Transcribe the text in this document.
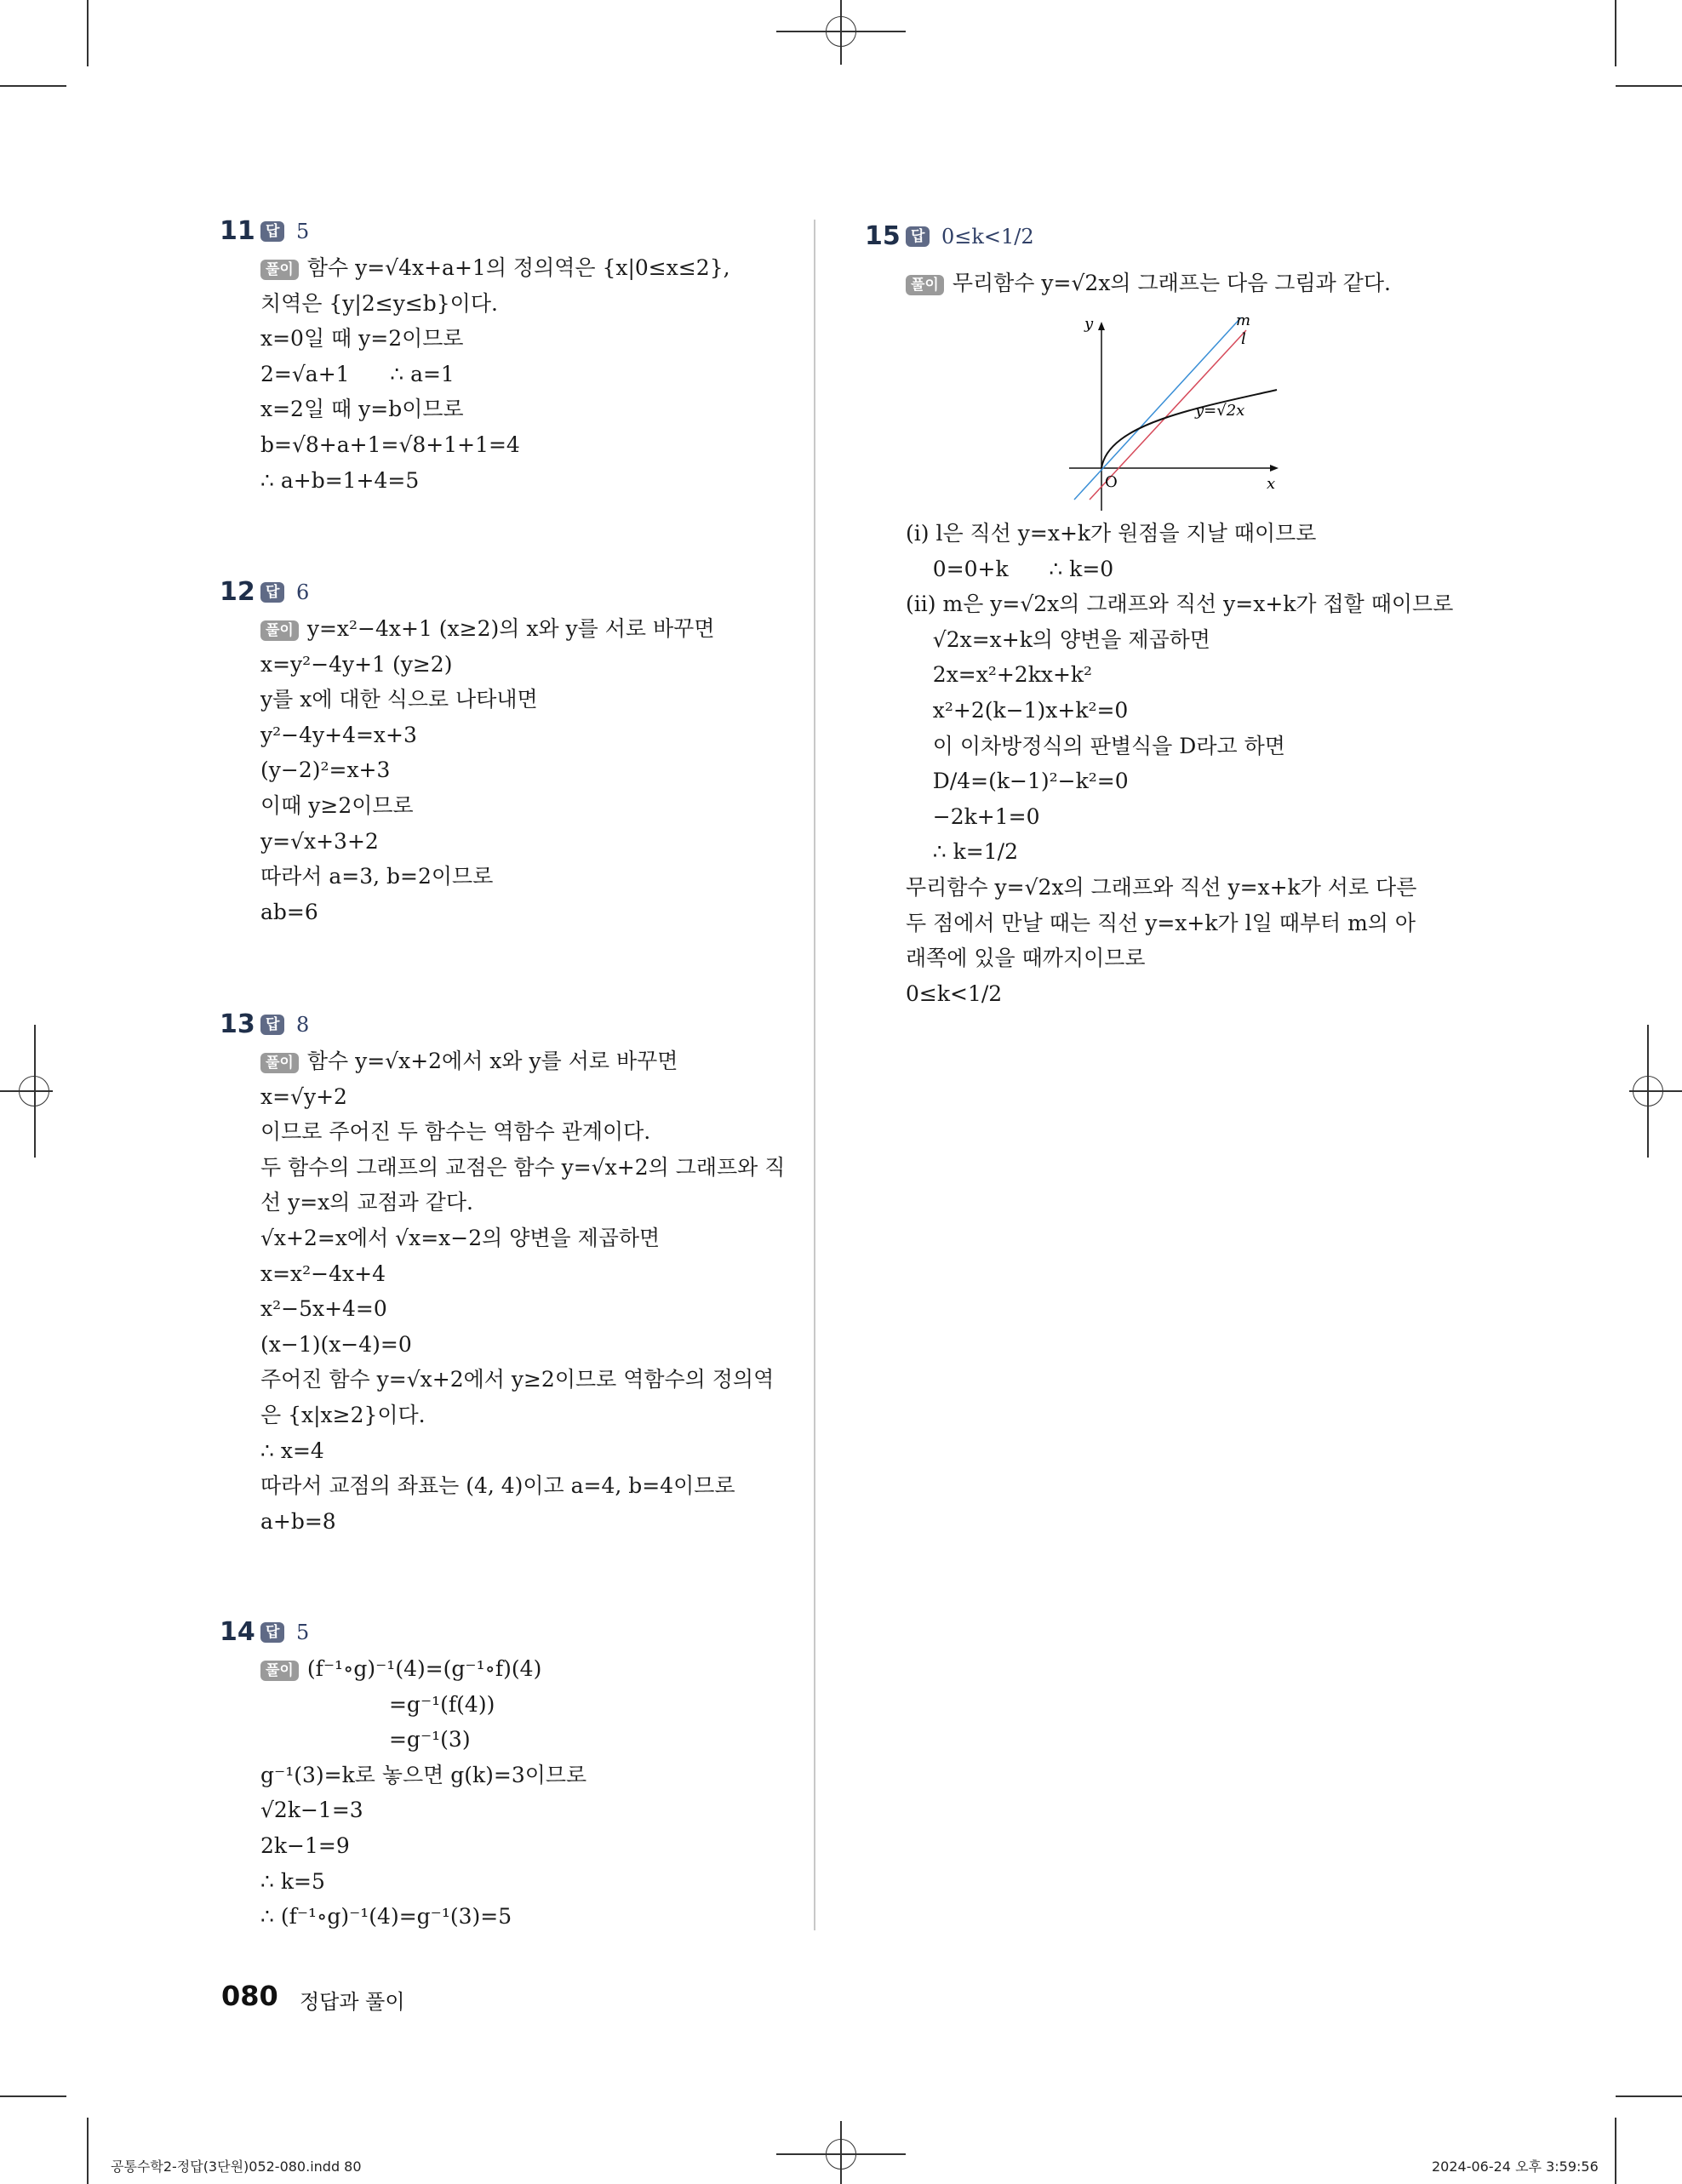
11 답 5
풀이 함수 y=√4x+a+1의 정의역은 {x|0≤x≤2},
치역은 {y|2≤y≤b}이다.
x=0일 때 y=2이므로
2=√a+1      ∴ a=1
x=2일 때 y=b이므로
b=√8+a+1=√8+1+1=4
∴ a+b=1+4=5
12 답 6
풀이 y=x²−4x+1 (x≥2)의 x와 y를 서로 바꾸면
x=y²−4y+1 (y≥2)
y를 x에 대한 식으로 나타내면
y²−4y+4=x+3
(y−2)²=x+3
이때 y≥2이므로
y=√x+3+2
따라서 a=3, b=2이므로
ab=6
13 답 8
풀이 함수 y=√x+2에서 x와 y를 서로 바꾸면
x=√y+2
이므로 주어진 두 함수는 역함수 관계이다.
두 함수의 그래프의 교점은 함수 y=√x+2의 그래프와 직
선 y=x의 교점과 같다.
√x+2=x에서 √x=x−2의 양변을 제곱하면
x=x²−4x+4
x²−5x+4=0
(x−1)(x−4)=0
주어진 함수 y=√x+2에서 y≥2이므로 역함수의 정의역
은 {x|x≥2}이다.
∴ x=4
따라서 교점의 좌표는 (4, 4)이고 a=4, b=4이므로
a+b=8
14 답 5
풀이 (f⁻¹∘g)⁻¹(4)=(g⁻¹∘f)(4)
=g⁻¹(f(4))
=g⁻¹(3)
g⁻¹(3)=k로 놓으면 g(k)=3이므로
√2k−1=3
2k−1=9
∴ k=5
∴ (f⁻¹∘g)⁻¹(4)=g⁻¹(3)=5
15 답 0≤k<1/2
풀이 무리함수 y=√2x의 그래프는 다음 그림과 같다.
y
x
O
m
l
y=√2x
(ⅰ) l은 직선 y=x+k가 원점을 지날 때이므로
0=0+k      ∴ k=0
(ⅱ) m은 y=√2x의 그래프와 직선 y=x+k가 접할 때이므로
√2x=x+k의 양변을 제곱하면
2x=x²+2kx+k²
x²+2(k−1)x+k²=0
이 이차방정식의 판별식을 D라고 하면
D/4=(k−1)²−k²=0
−2k+1=0
∴ k=1/2
무리함수 y=√2x의 그래프와 직선 y=x+k가 서로 다른
두 점에서 만날 때는 직선 y=x+k가 l일 때부터 m의 아
래쪽에 있을 때까지이므로
0≤k<1/2
080 정답과 풀이
공통수학2-정답(3단원)052-080.indd 80	2024-06-24 오후 3:59:56
